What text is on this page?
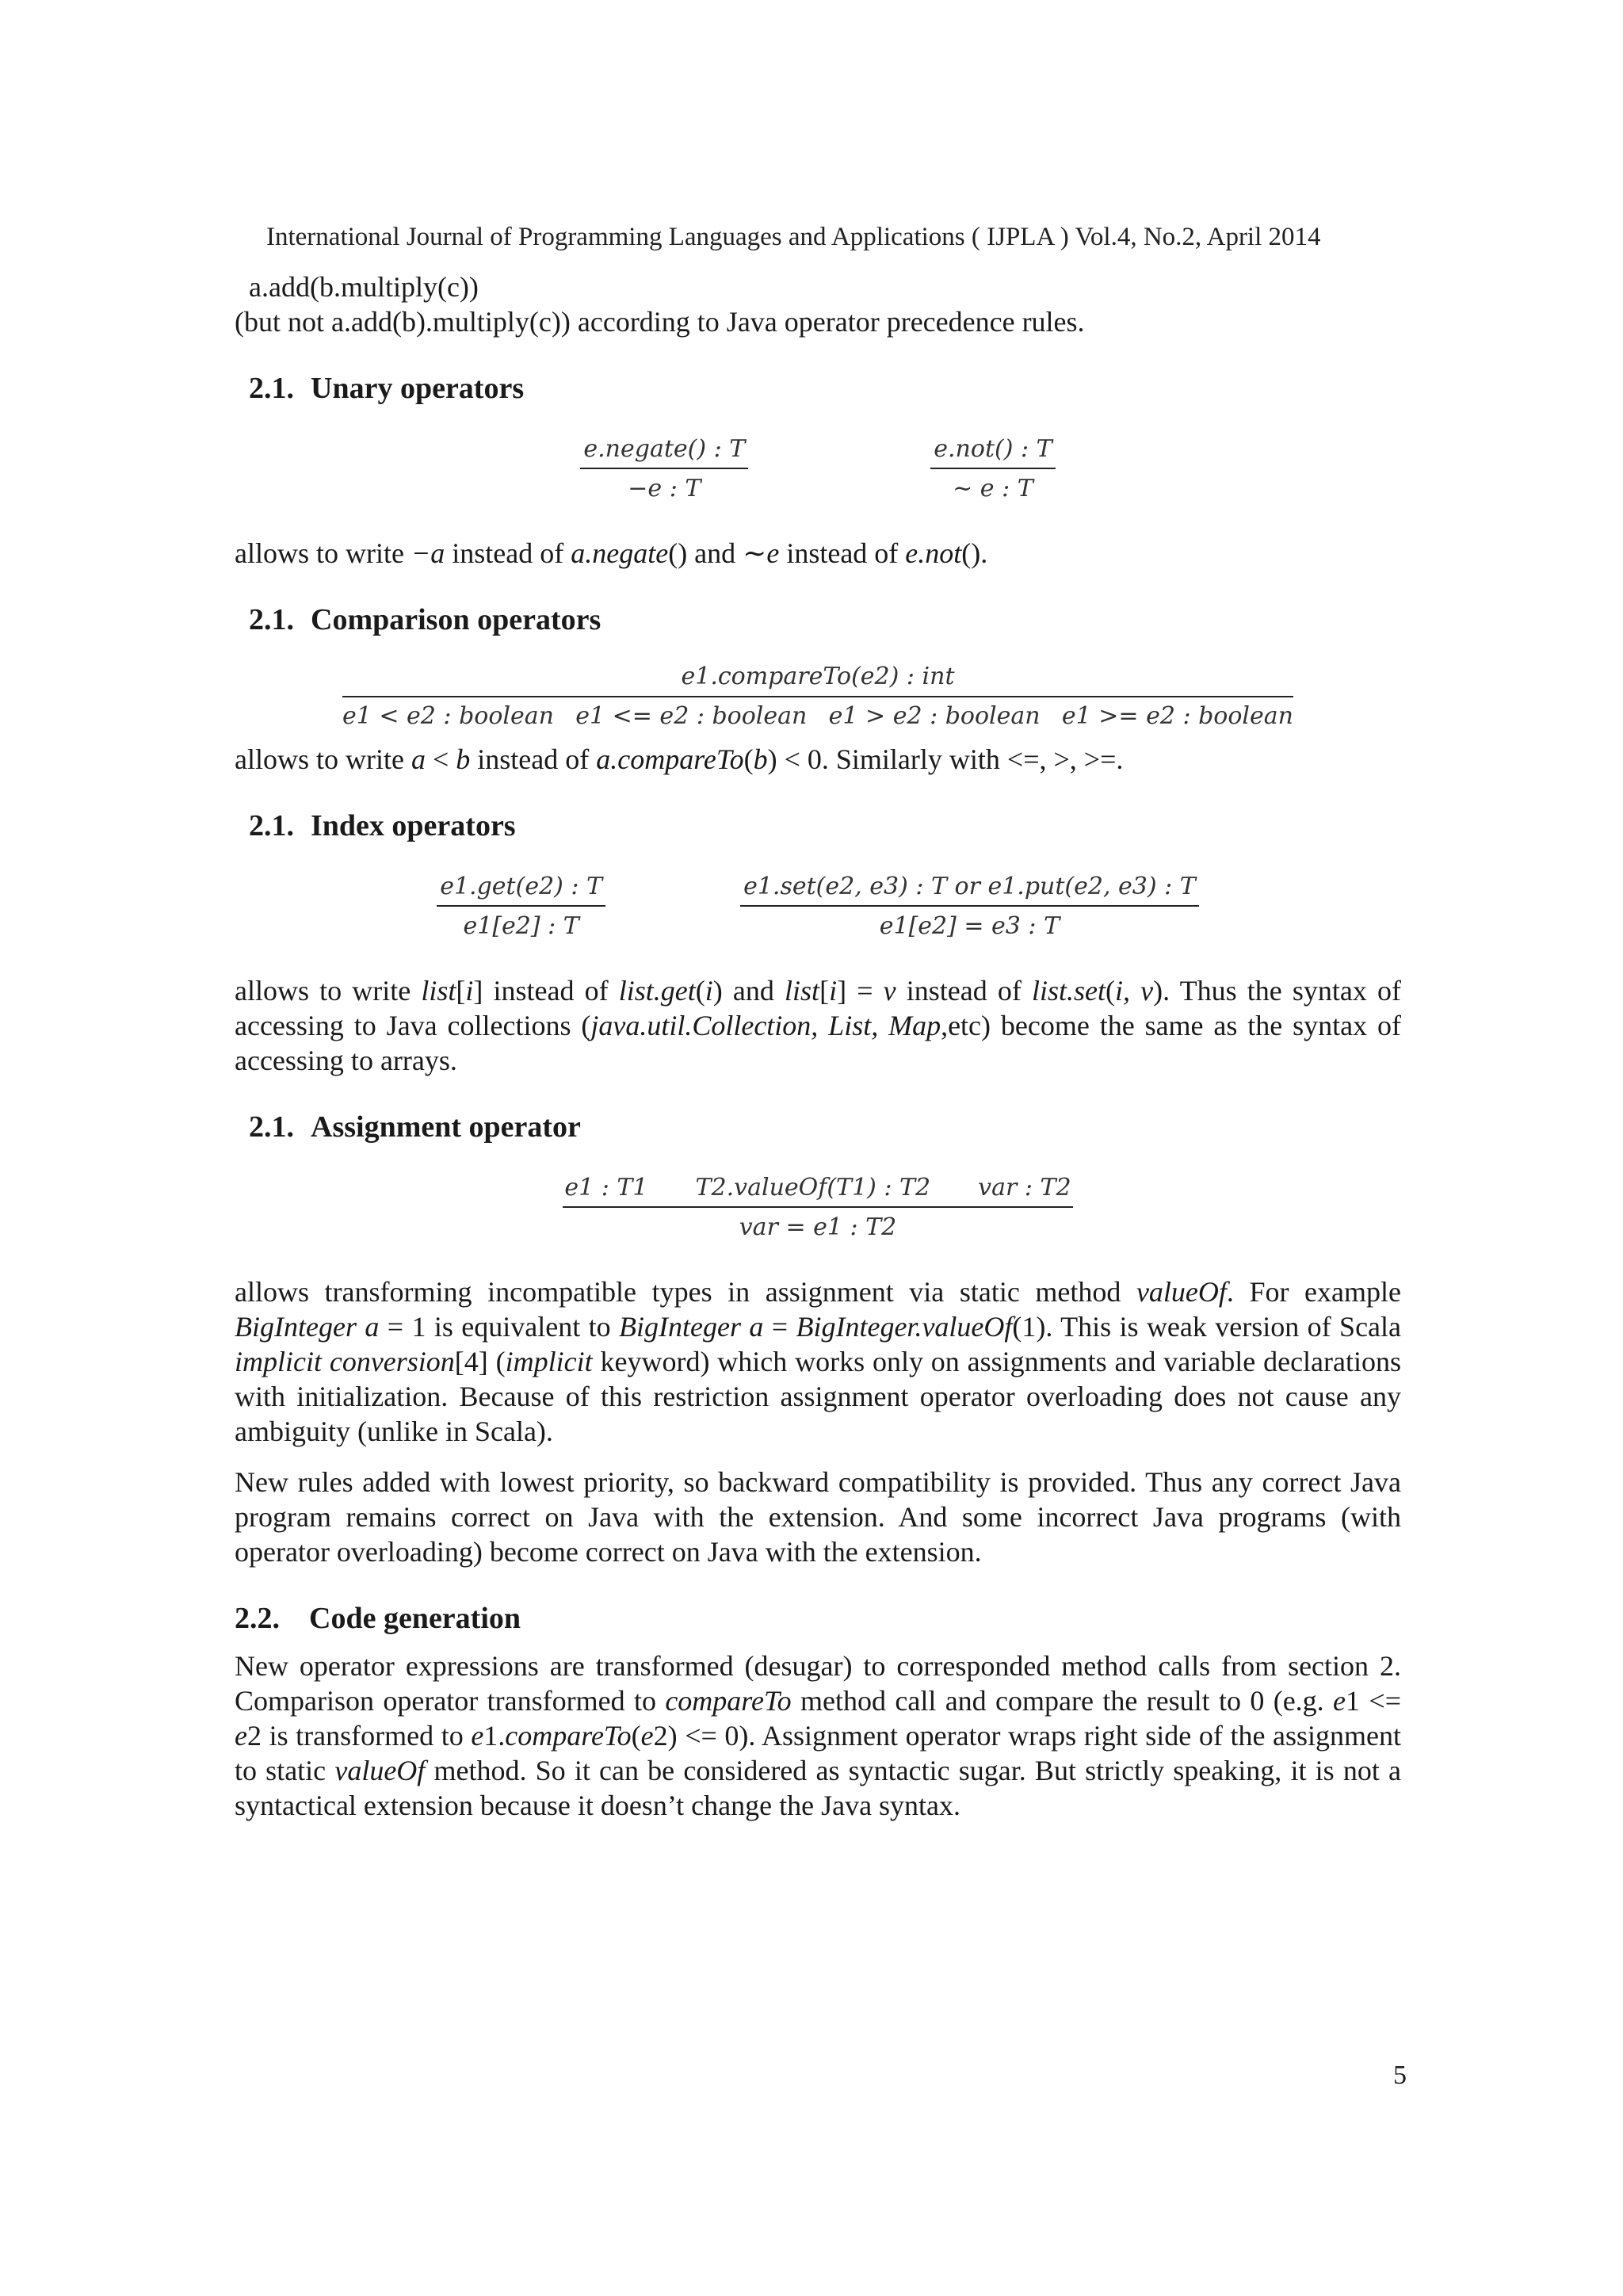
International Journal of Programming Languages and Applications ( IJPLA ) Vol.4, No.2, April 2014

a.add(b.multiply(c))

(but not a.add(b).multiply(c)) according to Java operator precedence rules.

2.1. Unary operators
e.negate() : T
−e : T
e.not() : T
∼ e : T

allows to write −a instead of a.negate() and ∼e instead of e.not().

2.1. Comparison operators
e1.compareTo(e2) : int
e1 < e2 : boolean e1 <= e2 : boolean e1 > e2 : boolean e1 >= e2 : boolean

allows to write a < b instead of a.compareTo(b) < 0. Similarly with <=, >, >=.

2.1. Index operators
e1.get(e2) : T
e1[e2] : T
e1.set(e2, e3) : T or e1.put(e2, e3) : T
e1[e2] = e3 : T

allows to write list[i] instead of list.get(i) and list[i] = v instead of list.set(i, v). Thus the syntax of accessing to Java collections (java.util.Collection, List, Map,etc) become the same as the syntax of accessing to arrays.

2.1. Assignment operator
e1 : T1 T2.valueOf(T1) : T2 var : T2
var = e1 : T2

allows transforming incompatible types in assignment via static method valueOf. For example BigInteger a = 1 is equivalent to BigInteger a = BigInteger.valueOf(1). This is weak version of Scala implicit conversion[4] (implicit keyword) which works only on assignments and variable declarations with initialization. Because of this restriction assignment operator overloading does not cause any ambiguity (unlike in Scala).

New rules added with lowest priority, so backward compatibility is provided. Thus any correct Java program remains correct on Java with the extension. And some incorrect Java programs (with operator overloading) become correct on Java with the extension.

2.2. Code generation

New operator expressions are transformed (desugar) to corresponded method calls from section 2. Comparison operator transformed to compareTo method call and compare the result to 0 (e.g. e1 <= e2 is transformed to e1.compareTo(e2) <= 0). Assignment operator wraps right side of the assignment to static valueOf method. So it can be considered as syntactic sugar. But strictly speaking, it is not a syntactical extension because it doesn’t change the Java syntax.

5
